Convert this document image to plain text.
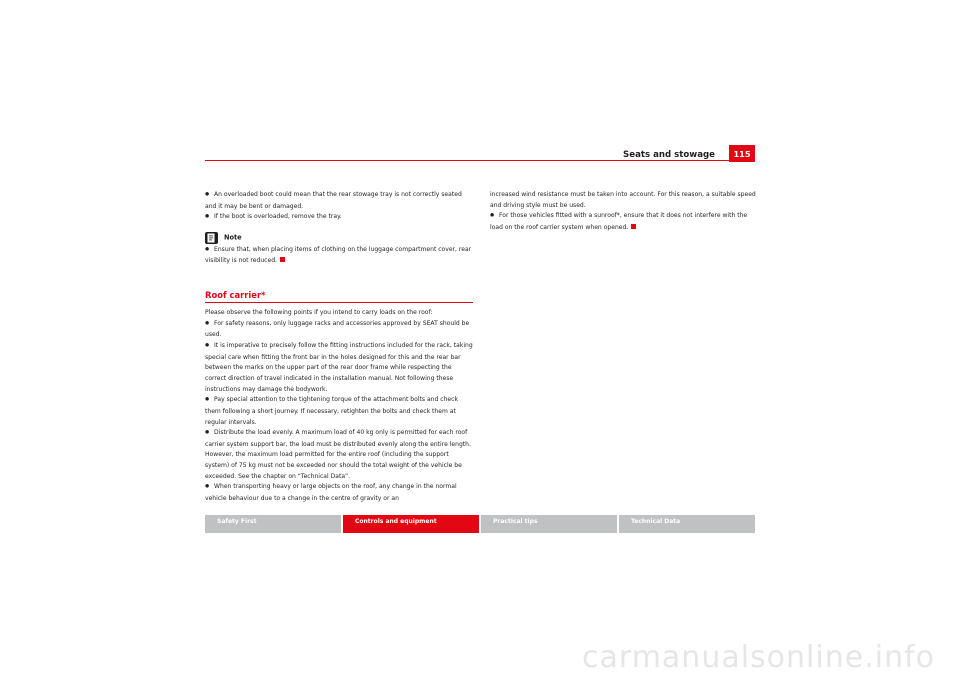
Seats and stowage	115

● An overloaded boot could mean that the rear stowage tray is not correctly seated and it may be bent or damaged.

● If the boot is overloaded, remove the tray.

Note

● Ensure that, when placing items of clothing on the luggage compartment cover, rear visibility is not reduced.

Roof carrier*

Please observe the following points if you intend to carry loads on the roof:

● For safety reasons, only luggage racks and accessories approved by SEAT should be used.

● It is imperative to precisely follow the fitting instructions included for the rack, taking special care when fitting the front bar in the holes designed for this and the rear bar between the marks on the upper part of the rear door frame while respecting the correct direction of travel indicated in the installation manual. Not following these instructions may damage the bodywork.

● Pay special attention to the tightening torque of the attachment bolts and check them following a short journey. If necessary, retighten the bolts and check them at regular intervals.

● Distribute the load evenly. A maximum load of 40 kg only is permitted for each roof carrier system support bar, the load must be distributed evenly along the entire length. However, the maximum load permitted for the entire roof (including the support system) of 75 kg must not be exceeded nor should the total weight of the vehicle be exceeded. See the chapter on “Technical Data”.

● When transporting heavy or large objects on the roof, any change in the normal vehicle behaviour due to a change in the centre of gravity or an

increased wind resistance must be taken into account. For this reason, a suitable speed and driving style must be used.

● For those vehicles fitted with a sunroof*, ensure that it does not interfere with the load on the roof carrier system when opened.

Safety First	Controls and equipment	Practical tips	Technical Data
carmanualsonline.info
